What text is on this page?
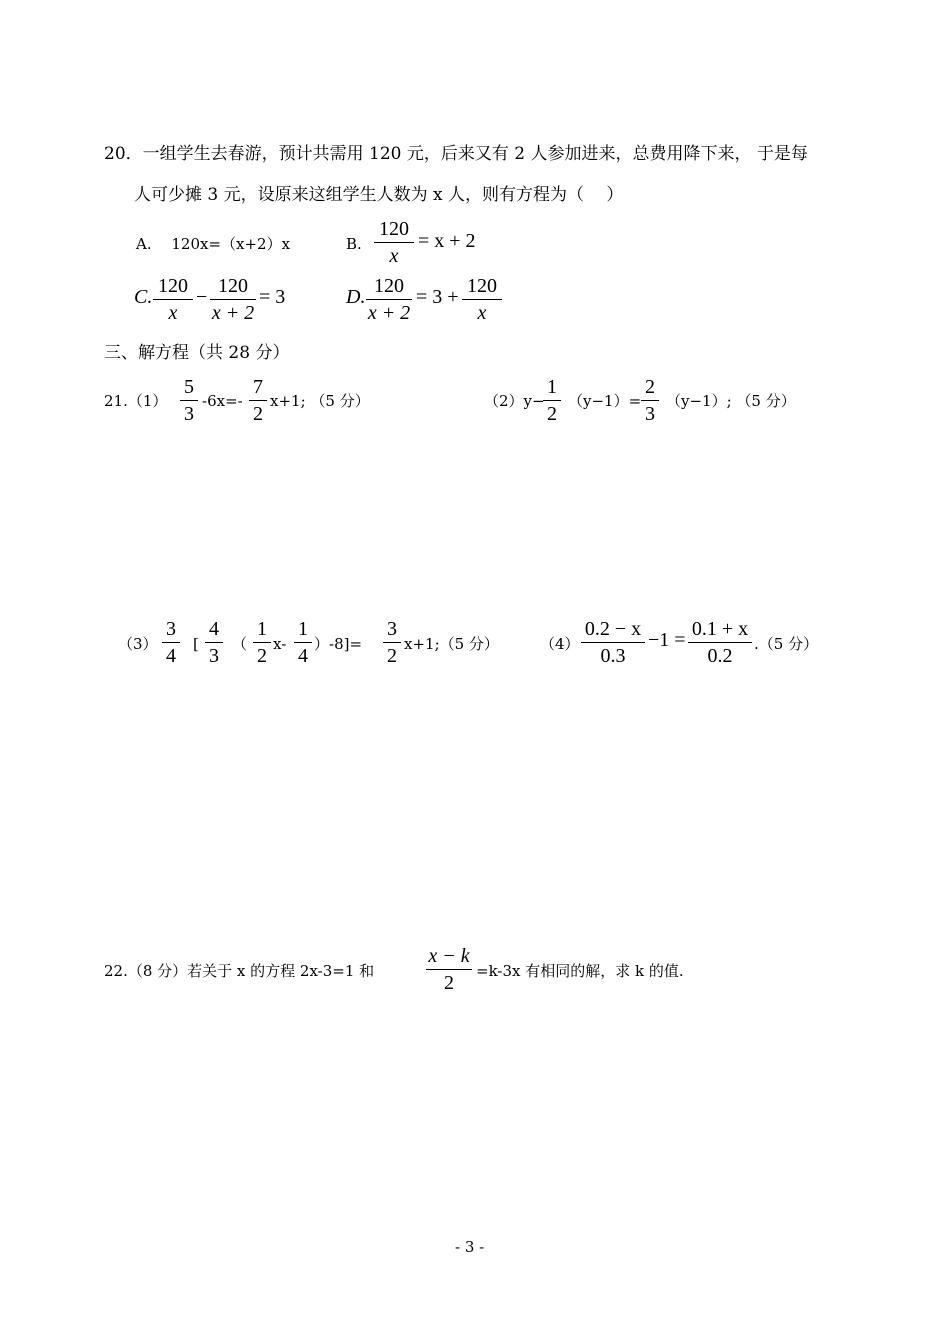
20．一组学生去春游，预计共需用 120 元，后来又有 2 人参加进来，总费用降下来， 于是每
人可少摊 3 元，设原来这组学生人数为 x 人，则有方程为（　 ）
A.　 120x=（x+2）x	B.
120
x
= x + 2
C. 120
x
− 120
x + 2
= 3	D. 120
x + 2
= 3 + 120
x
三、解方程（共 28 分）
21.（1）
5
3
-6x=-
7
2
x+1; （5 分）	（2）y−
1
2
（y−1）=
2
3
（y−1）; （5 分）
（3）
3
4
[
4
3
（
1
2
x-
1
4
）-8]=
3
2
x+1;（5 分）	（4）
0.2 − x
0.3
−1 = 0.1 + x
0.2
.（5 分）
22.（8 分）若关于 x 的方程 2x-3=1 和
x − k
2
=k-3x 有相同的解，求 k 的值.
- 3 -
